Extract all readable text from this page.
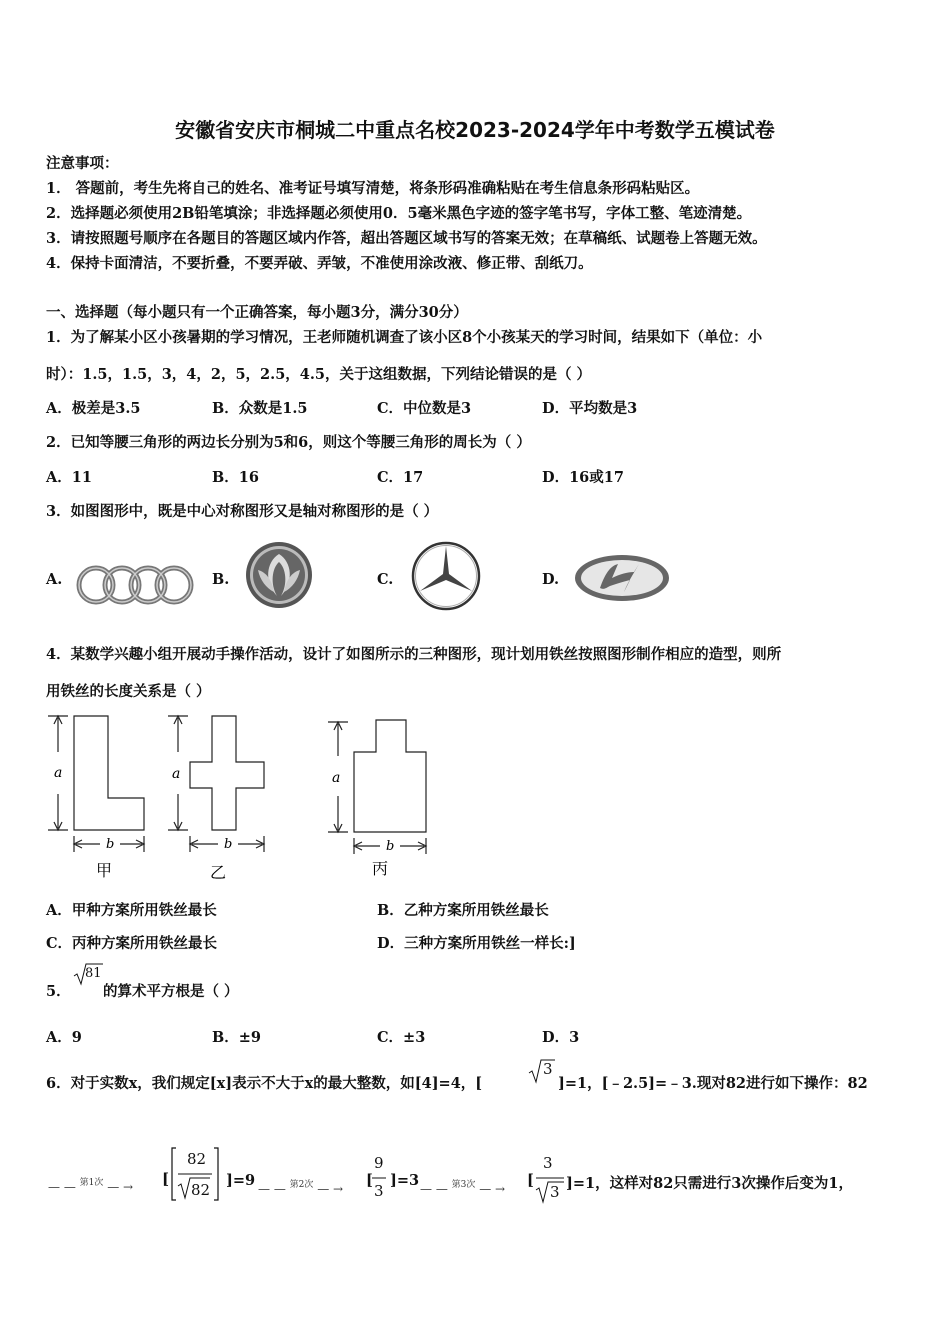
安徽省安庆市桐城二中重点名校2023-2024学年中考数学五模试卷
注意事项：
1． 答题前，考生先将自己的姓名、准考证号填写清楚，将条形码准确粘贴在考生信息条形码粘贴区。
2．选择题必须使用2B铅笔填涂；非选择题必须使用0．5毫米黑色字迹的签字笔书写，字体工整、笔迹清楚。
3．请按照题号顺序在各题目的答题区域内作答，超出答题区域书写的答案无效；在草稿纸、试题卷上答题无效。
4．保持卡面清洁，不要折叠，不要弄破、弄皱，不准使用涂改液、修正带、刮纸刀。
一、选择题（每小题只有一个正确答案，每小题3分，满分30分）
1．为了解某小区小孩暑期的学习情况，王老师随机调查了该小区8个小孩某天的学习时间，结果如下（单位：小
时）：1.5，1.5，3，4，2，5，2.5，4.5，关于这组数据，下列结论错误的是（ ）
A．极差是3.5	B．众数是1.5	C．中位数是3	D．平均数是3
2．已知等腰三角形的两边长分别为5和6，则这个等腰三角形的周长为（ ）
A．11	B．16	C．17	D．16或17
3．如图图形中，既是中心对称图形又是轴对称图形的是（ ）
A.	B.	C.	D.
4．某数学兴趣小组开展动手操作活动，设计了如图所示的三种图形，现计划用铁丝按照图形制作相应的造型，则所
用铁丝的长度关系是（ ）
a
b
甲
a
b
乙
a
b
丙
A．甲种方案所用铁丝最长	B．乙种方案所用铁丝最长
C．丙种方案所用铁丝最长	D．三种方案所用铁丝一样长:]
5．
81
的算术平方根是（ ）
A．9	B．±9	C．±3	D．3
6．对于实数x，我们规定[x]表示不大于x的最大整数，如[4]=4，[
3
]=1，[﹣2.5]=﹣3.现对82进行如下操作：82
— — $^{第1次}$ — → [
82
82
]=9 — — $^{第2次}$ — → [
9
3
]=3 — — $^{第3次}$ — → [
3
3 ]=1，这样对82只需进行3次操作后变为1，
